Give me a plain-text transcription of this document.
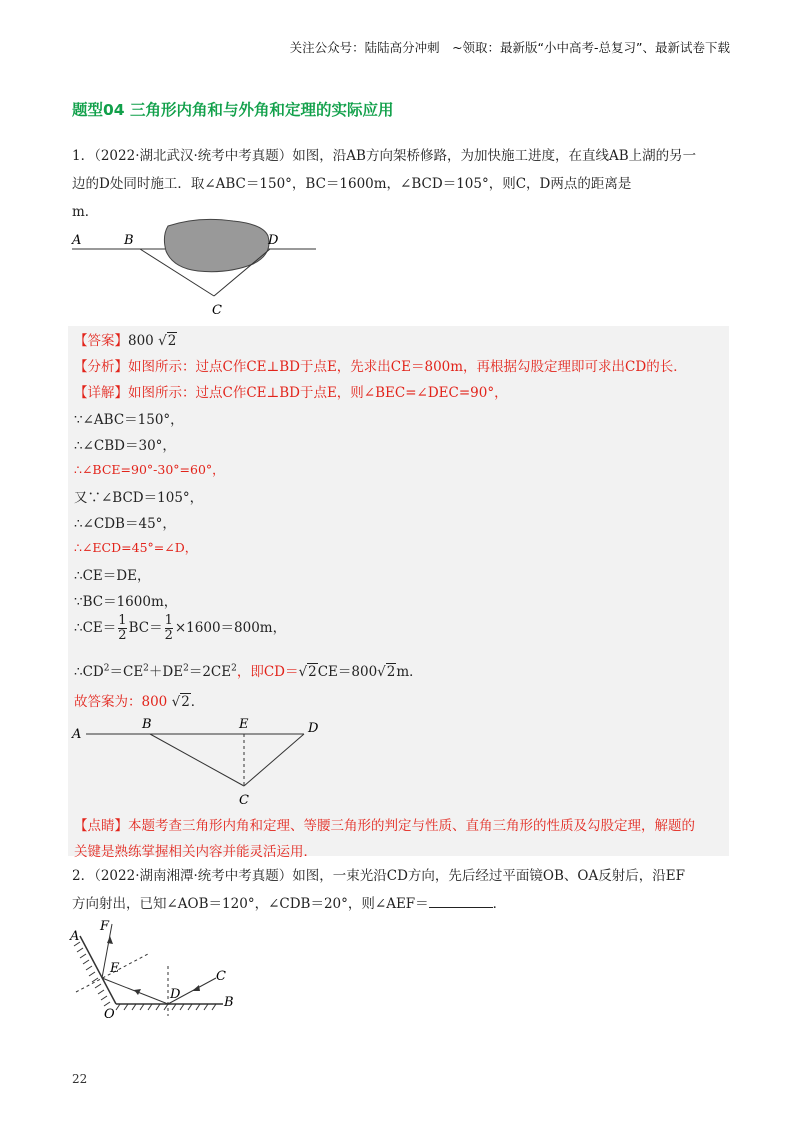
关注公众号：陆陆高分冲刺　~领取：最新版“小中高考-总复习”、最新试卷下载
题型04 三角形内角和与外角和定理的实际应用
1．（2022·湖北武汉·统考中考真题）如图，沿AB方向架桥修路，为加快施工进度，在直线AB上湖的另一
边的D处同时施工．取∠ABC＝150°，BC＝1600m，∠BCD＝105°，则C，D两点的距离是
m．
A	B	D
C
【答案】800 √2
【分析】如图所示：过点C作CE⊥BD于点E，先求出CE＝800m，再根据勾股定理即可求出CD的长．
【详解】如图所示：过点C作CE⊥BD于点E，则∠BEC=∠DEC=90°，
∵∠ABC＝150°，
∴∠CBD＝30°，
∴∠BCE=90°-30°=60°，
又∵∠BCD＝105°，
∴∠CDB＝45°，
∴∠ECD=45°=∠D，
∴CE＝DE，
∵BC＝1600m，
∴CE＝ $\frac{1}{2} BC= \frac{1}{2} \times 1600=800m$，
$\therefore CD^2=CE^2+DE^2=2CE^2$，即CD＝√2CE＝800√2m．
故答案为：800 √2．
A
B	E	D
C
【点睛】本题考查三角形内角和定理、等腰三角形的判定与性质、直角三角形的性质及勾股定理，解题的
关键是熟练掌握相关内容并能灵活运用．
2．（2022·湖南湘潭·统考中考真题）如图，一束光沿CD方向，先后经过平面镜OB、OA反射后，沿EF
方向射出，已知∠AOB＝120°，∠CDB＝20°，则∠AEF＝	．
A
F
E
C
D
B
O
22
